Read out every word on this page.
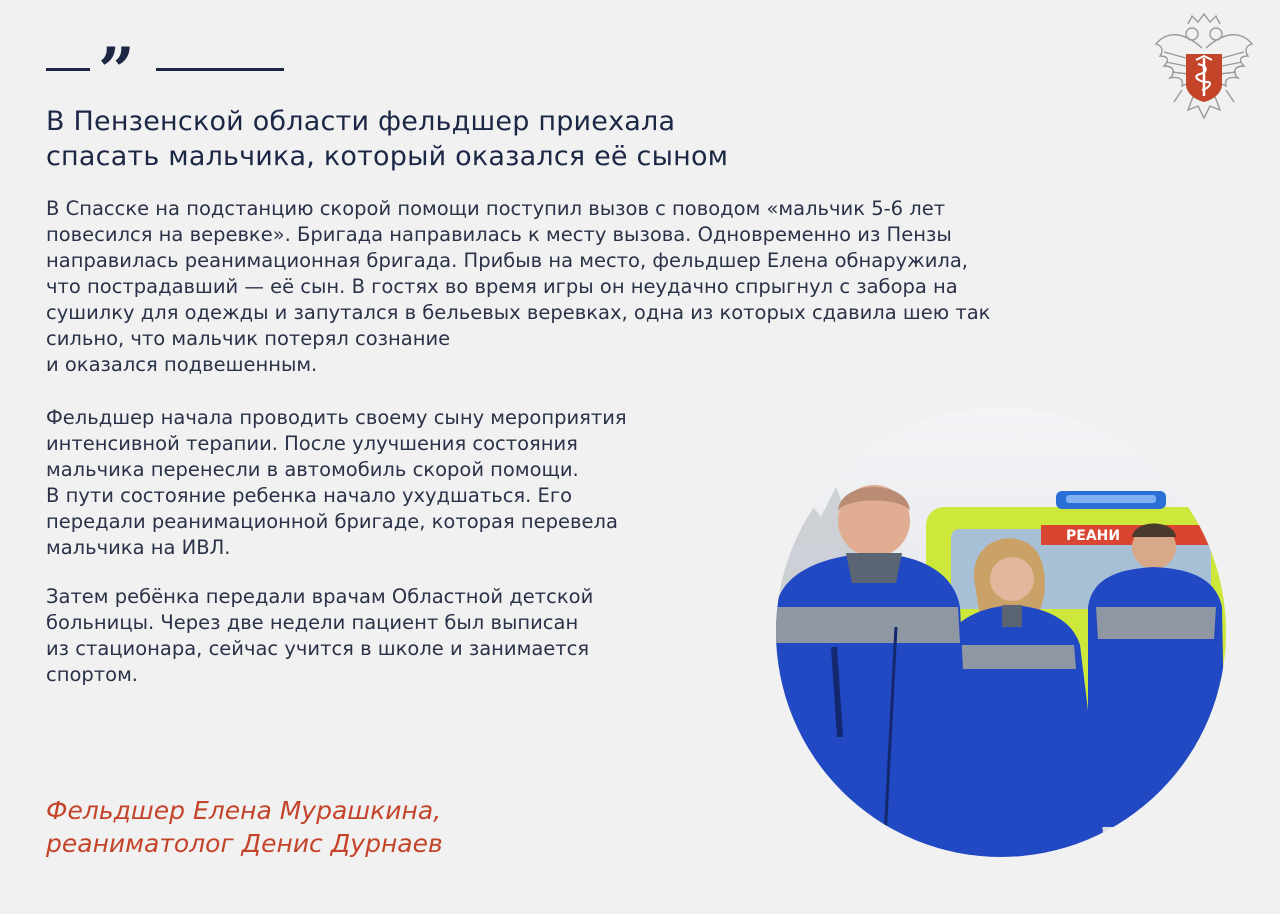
”
В Пензенской области фельдшер приехала
спасать мальчика, который оказался её сыном

В Спасске на подстанцию скорой помощи поступил вызов с поводом «мальчик 5-6 лет
повесился на веревке». Бригада направилась к месту вызова. Одновременно из Пензы
направилась реанимационная бригада. Прибыв на место, фельдшер Елена обнаружила,
что пострадавший — её сын. В гостях во время игры он неудачно спрыгнул с забора на
сушилку для одежды и запутался в бельевых веревках, одна из которых сдавила шею так
сильно, что мальчик потерял сознание
и оказался подвешенным.

Фельдшер начала проводить своему сыну мероприятия
интенсивной терапии. После улучшения состояния
мальчика перенесли в автомобиль скорой помощи.
В пути состояние ребенка начало ухудшаться. Его
передали реанимационной бригаде, которая перевела
мальчика на ИВЛ.

Затем ребёнка передали врачам Областной детской
больницы. Через две недели пациент был выписан
из стационара, сейчас учится в школе и занимается
спортом.

Фельдшер Елена Мурашкина,
реаниматолог Денис Дурнаев

РЕАНИ
